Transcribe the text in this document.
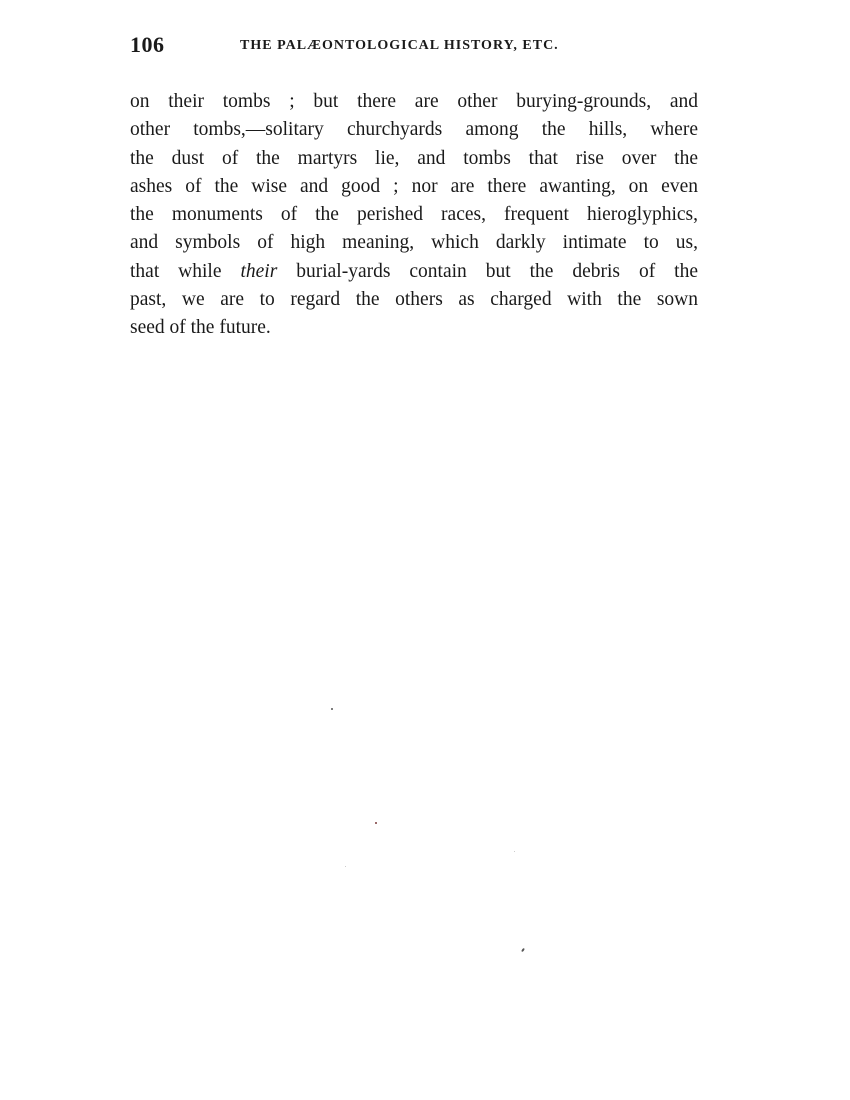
106	THE PALÆONTOLOGICAL HISTORY, ETC.

on their tombs ; but there are other burying-grounds, and
other tombs,—solitary churchyards among the hills, where
the dust of the martyrs lie, and tombs that rise over the
ashes of the wise and good ; nor are there awanting, on even
the monuments of the perished races, frequent hieroglyphics,
and symbols of high meaning, which darkly intimate to us,
that while their burial-yards contain but the debris of the
past, we are to regard the others as charged with the sown
seed of the future.
